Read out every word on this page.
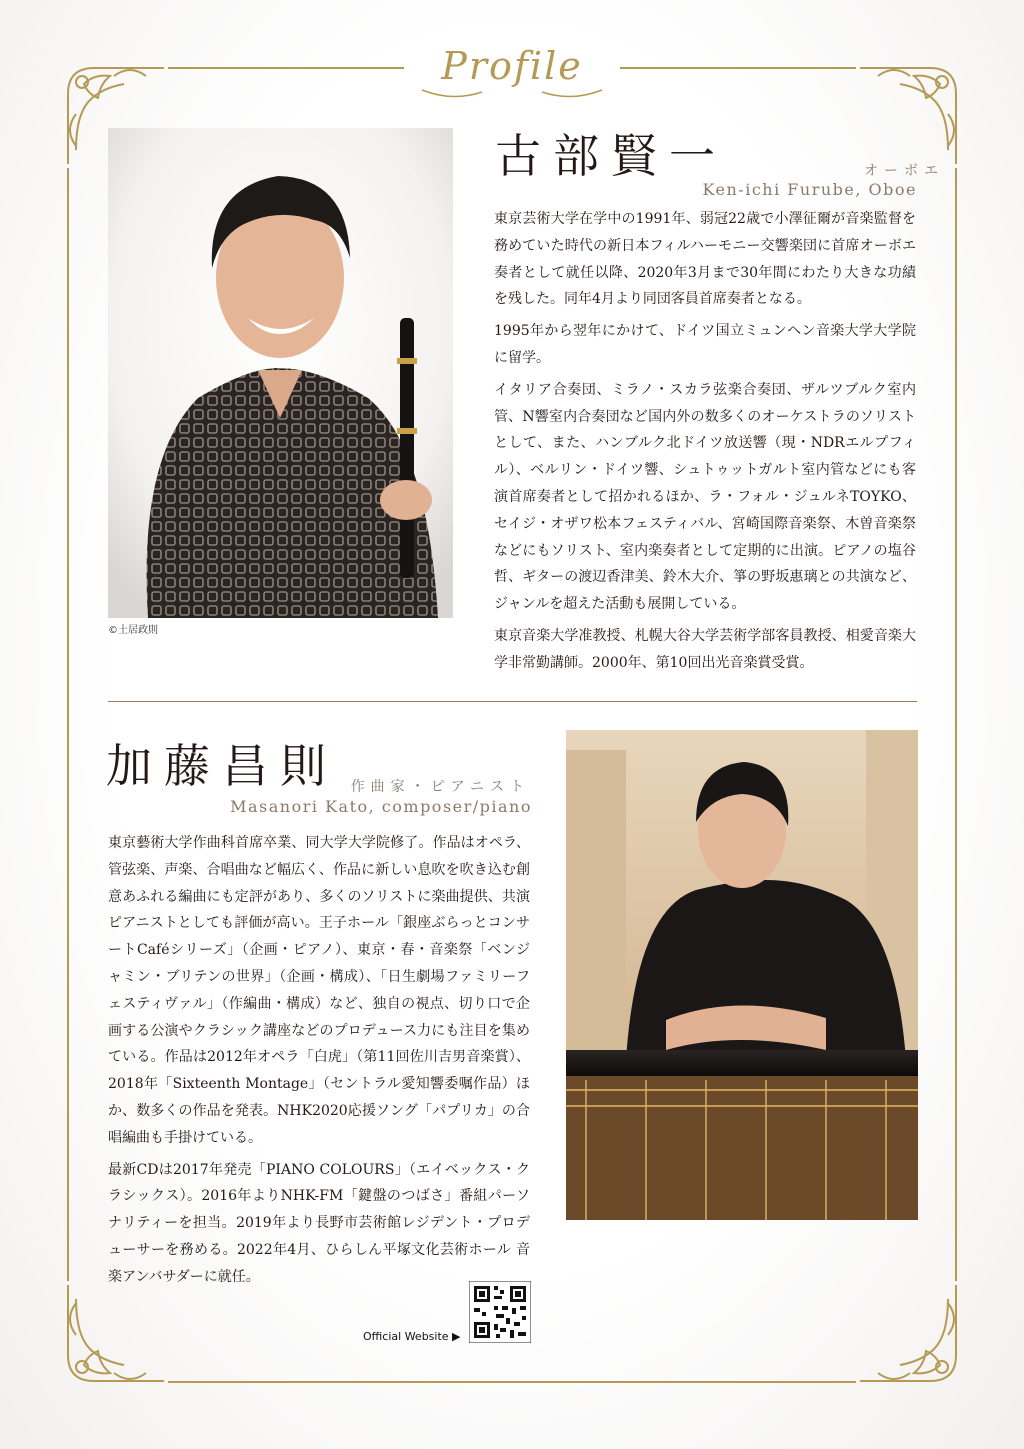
Profile
©土居政則
古部賢一	オーボエ
Ken-ichi Furube, Oboe

東京芸術大学在学中の1991年、弱冠22歳で小澤征爾が音楽監督を務めていた時代の新日本フィルハーモニー交響楽団に首席オーボエ奏者として就任以降、2020年3月まで30年間にわたり大きな功績を残した。同年4月より同団客員首席奏者となる。

1995年から翌年にかけて、ドイツ国立ミュンヘン音楽大学大学院に留学。

イタリア合奏団、ミラノ・スカラ弦楽合奏団、ザルツブルク室内管、N響室内合奏団など国内外の数多くのオーケストラのソリストとして、また、ハンブルク北ドイツ放送響（現・NDRエルプフィル）、ベルリン・ドイツ響、シュトゥットガルト室内管などにも客演首席奏者として招かれるほか、ラ・フォル・ジュルネTOYKO、セイジ・オザワ松本フェスティバル、宮崎国際音楽祭、木曽音楽祭などにもソリスト、室内楽奏者として定期的に出演。ピアノの塩谷哲、ギターの渡辺香津美、鈴木大介、箏の野坂惠璃との共演など、ジャンルを超えた活動も展開している。

東京音楽大学准教授、札幌大谷大学芸術学部客員教授、相愛音楽大学非常勤講師。2000年、第10回出光音楽賞受賞。

加藤昌則 作曲家・ピアニスト
Masanori Kato, composer/piano

東京藝術大学作曲科首席卒業、同大学大学院修了。作品はオペラ、管弦楽、声楽、合唱曲など幅広く、作品に新しい息吹を吹き込む創意あふれる編曲にも定評があり、多くのソリストに楽曲提供、共演ピアニストとしても評価が高い。王子ホール「銀座ぶらっとコンサートCaféシリーズ」（企画・ピアノ）、東京・春・音楽祭「ベンジャミン・ブリテンの世界」（企画・構成）、「日生劇場ファミリーフェスティヴァル」（作編曲・構成）など、独自の視点、切り口で企画する公演やクラシック講座などのプロデュース力にも注目を集めている。作品は2012年オペラ「白虎」（第11回佐川吉男音楽賞）、2018年「Sixteenth Montage」（セントラル愛知響委嘱作品）ほか、数多くの作品を発表。NHK2020応援ソング「パプリカ」の合唱編曲も手掛けている。

最新CDは2017年発売「PIANO COLOURS」（エイベックス・クラシックス）。2016年よりNHK-FM「鍵盤のつばさ」番組パーソナリティーを担当。2019年より長野市芸術館レジデント・プロデューサーを務める。2022年4月、ひらしん平塚文化芸術ホール 音楽アンバサダーに就任。

Official Website ▶
